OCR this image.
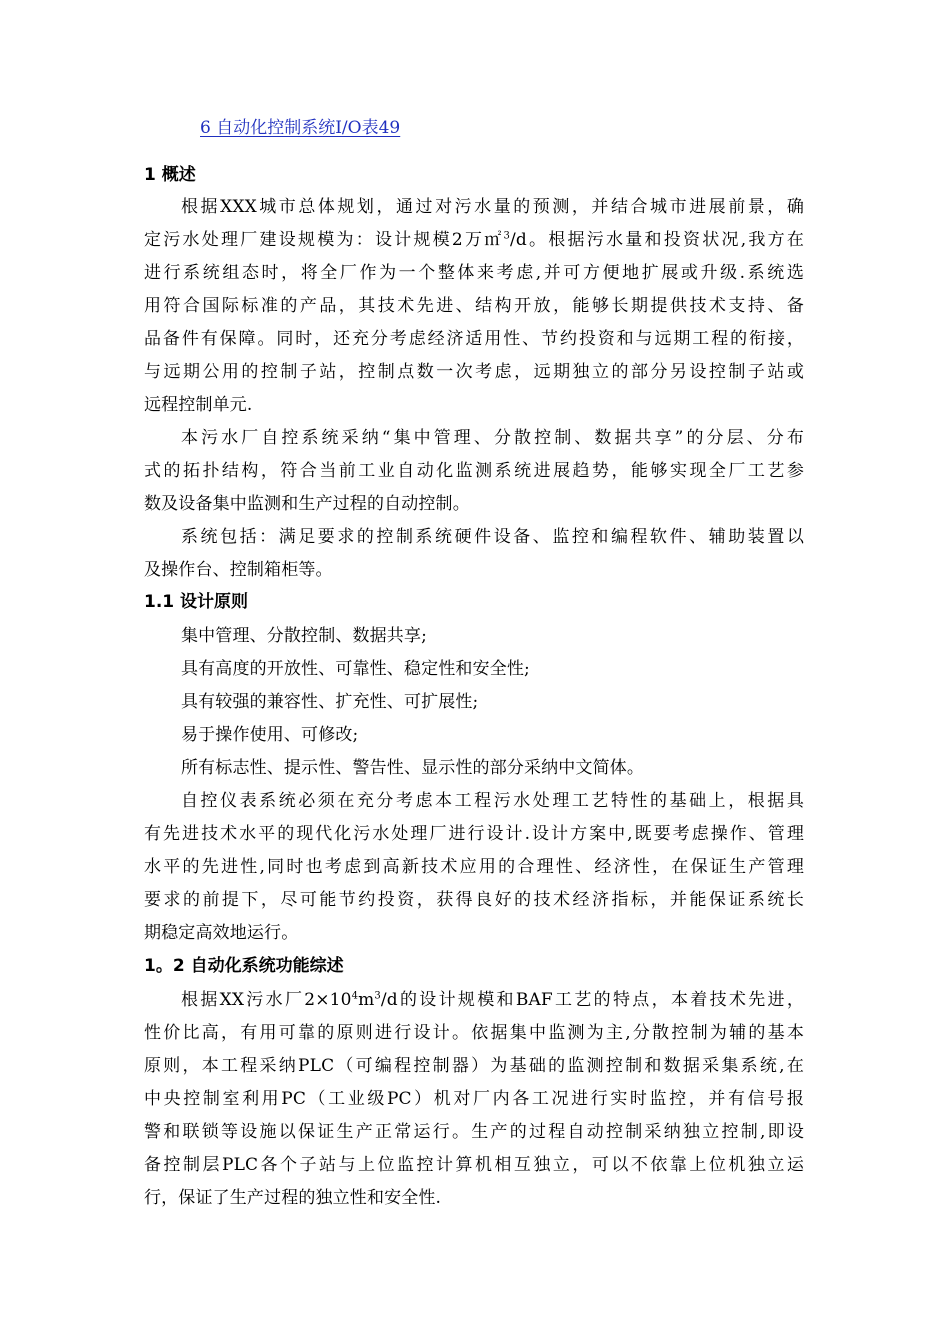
6 自动化控制系统I/O表49
1 概述
根据XXX城市总体规划，通过对污水量的预测，并结合城市进展前景，确
定污水处理厂建设规模为：设计规模2万㎡$^3$/d。根据污水量和投资状况,我方在
进行系统组态时，将全厂作为一个整体来考虑,并可方便地扩展或升级.系统选
用符合国际标准的产品，其技术先进、结构开放，能够长期提供技术支持、备
品备件有保障。同时，还充分考虑经济适用性、节约投资和与远期工程的衔接，
与远期公用的控制子站，控制点数一次考虑，远期独立的部分另设控制子站或
远程控制单元.
本污水厂自控系统采纳“集中管理、分散控制、数据共享”的分层、分布
式的拓扑结构，符合当前工业自动化监测系统进展趋势，能够实现全厂工艺参
数及设备集中监测和生产过程的自动控制。
系统包括：满足要求的控制系统硬件设备、监控和编程软件、辅助装置以
及操作台、控制箱柜等。
1.1 设计原则
集中管理、分散控制、数据共享;
具有高度的开放性、可靠性、稳定性和安全性;
具有较强的兼容性、扩充性、可扩展性;
易于操作使用、可修改;
所有标志性、提示性、警告性、显示性的部分采纳中文简体。
自控仪表系统必须在充分考虑本工程污水处理工艺特性的基础上，根据具
有先进技术水平的现代化污水处理厂进行设计.设计方案中,既要考虑操作、管理
水平的先进性,同时也考虑到高新技术应用的合理性、经济性，在保证生产管理
要求的前提下，尽可能节约投资，获得良好的技术经济指标，并能保证系统长
期稳定高效地运行。
1。2 自动化系统功能综述
根据XX污水厂$2\times 10^4m^3/d$的设计规模和BAF工艺的特点，本着技术先进，
性价比高，有用可靠的原则进行设计。依据集中监测为主,分散控制为辅的基本
原则，本工程采纳PLC（可编程控制器）为基础的监测控制和数据采集系统,在
中央控制室利用PC（工业级PC）机对厂内各工况进行实时监控，并有信号报
警和联锁等设施以保证生产正常运行。生产的过程自动控制采纳独立控制,即设
备控制层PLC各个子站与上位监控计算机相互独立，可以不依靠上位机独立运
行，保证了生产过程的独立性和安全性.
